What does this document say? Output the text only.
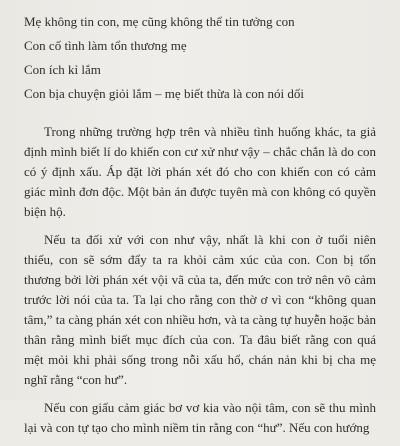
Mẹ không tin con, mẹ cũng không thể tin tưởng con
Con cố tình làm tổn thương mẹ
Con ích kỉ lắm
Con bịa chuyện giỏi lắm – mẹ biết thừa là con nói dối

Trong những trường hợp trên và nhiều tình huống khác, ta giả định mình biết lí do khiến con cư xử như vậy – chắc chắn là do con có ý định xấu. Áp đặt lời phán xét đó cho con khiến con có cảm giác mình đơn độc. Một bản án được tuyên mà con không có quyền biện hộ.

Nếu ta đối xử với con như vậy, nhất là khi con ở tuổi niên thiếu, con sẽ sớm đẩy ta ra khỏi cảm xúc của con. Con bị tổn thương bởi lời phán xét vội vã của ta, đến mức con trở nên vô cảm trước lời nói của ta. Ta lại cho rằng con thờ ơ vì con “không quan tâm,” ta càng phán xét con nhiều hơn, và ta càng tự huyễn hoặc bản thân rằng mình biết mục đích của con. Ta đâu biết rằng con quá mệt mỏi khi phải sống trong nỗi xấu hổ, chán nản khi bị cha mẹ nghĩ rằng “con hư”.

Nếu con giấu cảm giác bơ vơ kia vào nội tâm, con sẽ thu mình lại và con tự tạo cho mình niềm tin rằng con “hư”. Nếu con hướng
